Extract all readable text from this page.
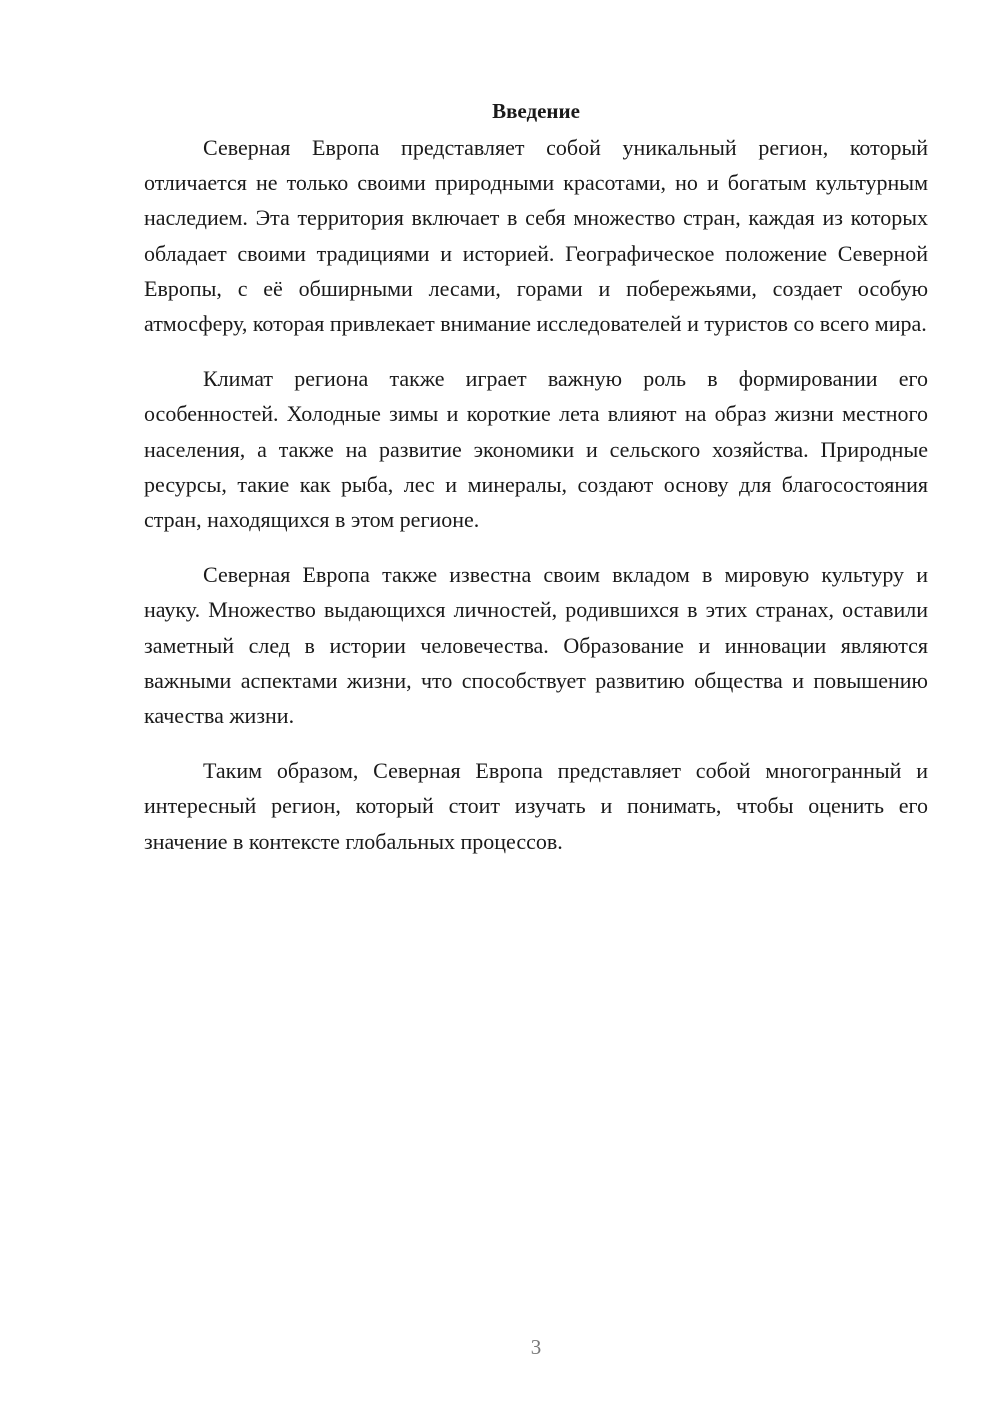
Введение

Северная Европа представляет собой уникальный регион, который отличается не только своими природными красотами, но и богатым культурным наследием. Эта территория включает в себя множество стран, каждая из которых обладает своими традициями и историей. Географическое положение Северной Европы, с её обширными лесами, горами и побережьями, создает особую атмосферу, которая привлекает внимание исследователей и туристов со всего мира.

Климат региона также играет важную роль в формировании его особенностей. Холодные зимы и короткие лета влияют на образ жизни местного населения, а также на развитие экономики и сельского хозяйства. Природные ресурсы, такие как рыба, лес и минералы, создают основу для благосостояния стран, находящихся в этом регионе.

Северная Европа также известна своим вкладом в мировую культуру и науку. Множество выдающихся личностей, родившихся в этих странах, оставили заметный след в истории человечества. Образование и инновации являются важными аспектами жизни, что способствует развитию общества и повышению качества жизни.

Таким образом, Северная Европа представляет собой многогранный и интересный регион, который стоит изучать и понимать, чтобы оценить его значение в контексте глобальных процессов.

3
